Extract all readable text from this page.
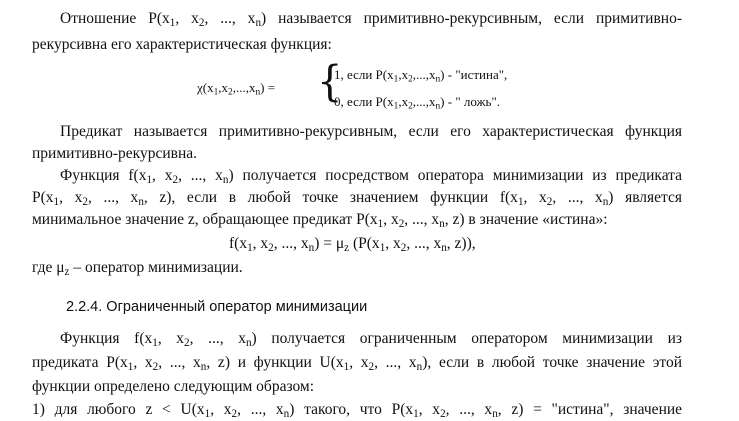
Отношение $P(x_1$, $x_2$, ..., $x_n$) называется примитивно-рекурсивным, если примитивно-
рекурсивна его характеристическая функция:
$\chi(x_1,x_2,...,x_n)$ = {
1, если $P(x_1,x_2,...,x_n)$ - "истина",
0, если $P(x_1,x_2,...,x_n)$ - " ложь".
Предикат называется примитивно-рекурсивным, если его характеристическая функция
примитивно-рекурсивна.
Функция $f(x_1$, $x_2$, ..., $x_n$) получается посредством оператора минимизации из предиката
$P(x_1$, $x_2$, ..., $x_n$, z), если в любой точке значением функции $f(x_1$, $x_2$, ..., $x_n$) является
минимальное значение z, обращающее предикат $P(x_1$, $x_2$, ..., $x_n$, z) в значение «истина»:
$f(x_1$, $x_2$, ..., $x_n) = \mu_z$ ($P(x_1$, $x_2$, ..., $x_n$, z)),
где $\mu_z$ – оператор минимизации.
2.2.4. Ограниченный оператор минимизации
Функция $f(x_1$, $x_2$, ..., $x_n$) получается ограниченным оператором минимизации из
предиката $P(x_1$, $x_2$, ..., $x_n$, z) и функции $U(x_1$, $x_2$, ..., $x_n$), если в любой точке значение этой
функции определено следующим образом:
1) для любого $z < U(x_1$, $x_2$, ..., $x_n$) такого, что $P(x_1$, $x_2$, ..., $x_n$, z) = "истина", значение
